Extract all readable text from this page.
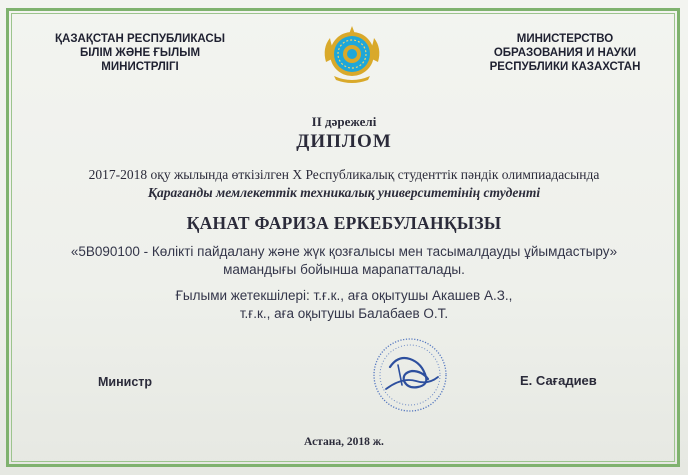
ҚАЗАҚСТАН РЕСПУБЛИКАСЫ
БІЛІМ ЖӘНЕ ҒЫЛЫМ
МИНИСТРЛІГІ
МИНИСТЕРСТВО
ОБРАЗОВАНИЯ И НАУКИ
РЕСПУБЛИКИ КАЗАХСТАН
II дәрежелі
ДИПЛОМ
2017-2018 оқу жылында өткізілген Х Республикалық студенттік пәндік олимпиадасында
Қарағанды мемлекеттік техникалық университетінің студенті
ҚАНАТ ФАРИЗА ЕРКЕБУЛАНҚЫЗЫ
«5В090100 - Көлікті пайдалану және жүк қозғалысы мен тасымалдауды ұйымдастыру»
мамандығы бойынша марапатталады.
Ғылыми жетекшілері: т.ғ.к., аға оқытушы Акашев А.З.,
т.ғ.к., аға оқытушы Балабаев О.Т.
Министр	Е. Сағадиев
Астана, 2018 ж.
